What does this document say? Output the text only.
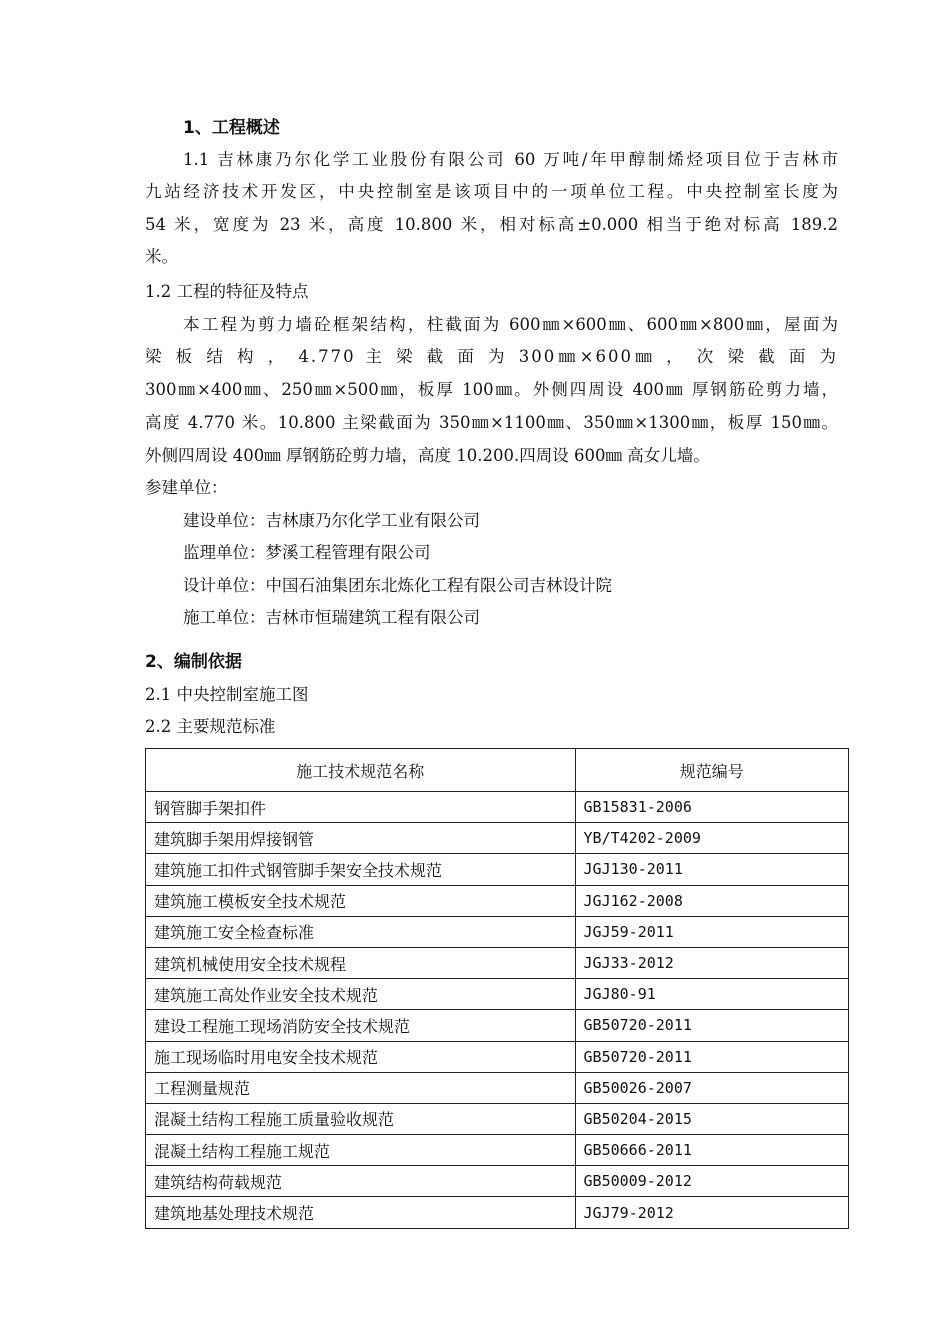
1、工程概述
1.1 吉林康乃尔化学工业股份有限公司 60 万吨/年甲醇制烯烃项目位于吉林市
九站经济技术开发区，中央控制室是该项目中的一项单位工程。中央控制室长度为
54 米，宽度为 23 米，高度 10.800 米，相对标高±0.000 相当于绝对标高 189.2
米。
1.2 工程的特征及特点
本工程为剪力墙砼框架结构，柱截面为 600㎜×600㎜、600㎜×800㎜，屋面为
梁 板 结 构 ， 4.770 主 梁 截 面 为 300㎜×600㎜ ， 次 梁 截 面 为
300㎜×400㎜、250㎜×500㎜，板厚 100㎜。外侧四周设 400㎜ 厚钢筋砼剪力墙，
高度 4.770 米。10.800 主梁截面为 350㎜×1100㎜、350㎜×1300㎜，板厚 150㎜。
外侧四周设 400㎜ 厚钢筋砼剪力墙，高度 10.200.四周设 600㎜ 高女儿墙。
参建单位：
建设单位：吉林康乃尔化学工业有限公司
监理单位：梦溪工程管理有限公司
设计单位：中国石油集团东北炼化工程有限公司吉林设计院
施工单位：吉林市恒瑞建筑工程有限公司
2、编制依据
2.1 中央控制室施工图
2.2 主要规范标准
施工技术规范名称	规范编号
钢管脚手架扣件	GB15831-2006
建筑脚手架用焊接钢管	YB/T4202-2009
建筑施工扣件式钢管脚手架安全技术规范	JGJ130-2011
建筑施工模板安全技术规范	JGJ162-2008
建筑施工安全检查标准	JGJ59-2011
建筑机械使用安全技术规程	JGJ33-2012
建筑施工高处作业安全技术规范	JGJ80-91
建设工程施工现场消防安全技术规范	GB50720-2011
施工现场临时用电安全技术规范	GB50720-2011
工程测量规范	GB50026-2007
混凝土结构工程施工质量验收规范	GB50204-2015
混凝土结构工程施工规范	GB50666-2011
建筑结构荷载规范	GB50009-2012
建筑地基处理技术规范	JGJ79-2012
